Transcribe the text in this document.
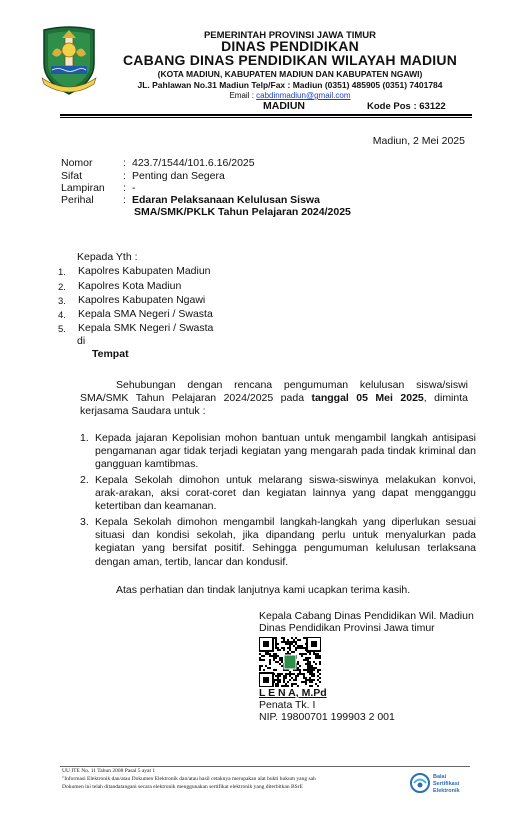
PEMERINTAH PROVINSI JAWA TIMUR
DINAS PENDIDIKAN
CABANG DINAS PENDIDIKAN WILAYAH MADIUN
(KOTA MADIUN, KABUPATEN MADIUN DAN KABUPATEN NGAWI)
JL. Pahlawan No.31 Madiun Telp/Fax : Madiun (0351) 485905 (0351) 7401784
Email : cabdinmadiun@gmail.com
MADIUN	Kode Pos : 63122
Madiun, 2 Mei 2025
Nomor	: 423.7/1544/101.6.16/2025
Sifat	: Penting dan Segera
Lampiran : -
Perihal	: Edaran Pelaksanaan Kelulusan Siswa
SMA/SMK/PKLK Tahun Pelajaran 2024/2025
Kepada Yth :
1. Kapolres Kabupaten Madiun
2. Kapolres Kota Madiun
3. Kapolres Kabupaten Ngawi
4. Kepala SMA Negeri / Swasta
5. Kepala SMK Negeri / Swasta
di
Tempat
Sehubungan dengan rencana pengumuman kelulusan siswa/siswi SMA/SMK Tahun Pelajaran 2024/2025 pada tanggal 05 Mei 2025, diminta kerjasama Saudara untuk :
1. Kepada jajaran Kepolisian mohon bantuan untuk mengambil langkah antisipasi pengamanan agar tidak terjadi kegiatan yang mengarah pada tindak kriminal dan gangguan kamtibmas.
2. Kepala Sekolah dimohon untuk melarang siswa-siswinya melakukan konvoi, arak-arakan, aksi corat-coret dan kegiatan lainnya yang dapat mengganggu ketertiban dan keamanan.
3. Kepala Sekolah dimohon mengambil langkah-langkah yang diperlukan sesuai situasi dan kondisi sekolah, jika dipandang perlu untuk menyalurkan pada kegiatan yang bersifat positif. Sehingga pengumuman kelulusan terlaksana dengan aman, tertib, lancar dan kondusif.
Atas perhatian dan tindak lanjutnya kami ucapkan terima kasih.
Kepala Cabang Dinas Pendidikan Wil. Madiun
Dinas Pendidikan Provinsi Jawa timur
L E N A, M.Pd
Penata Tk. I
NIP. 19800701 199903 2 001
UU ITE No. 11 Tahun 2008 Pasal 5 ayat 1
"Informasi Elektronik dan/atau Dokumen Elektronik dan/atau hasil cetaknya merupakan alat bukti hukum yang sah
Dokumen ini telah ditandatangani secara elektronik menggunakan sertifikat elektronik yang diterbitkan BSrE
Balai
Sertifikasi
Elektronik
